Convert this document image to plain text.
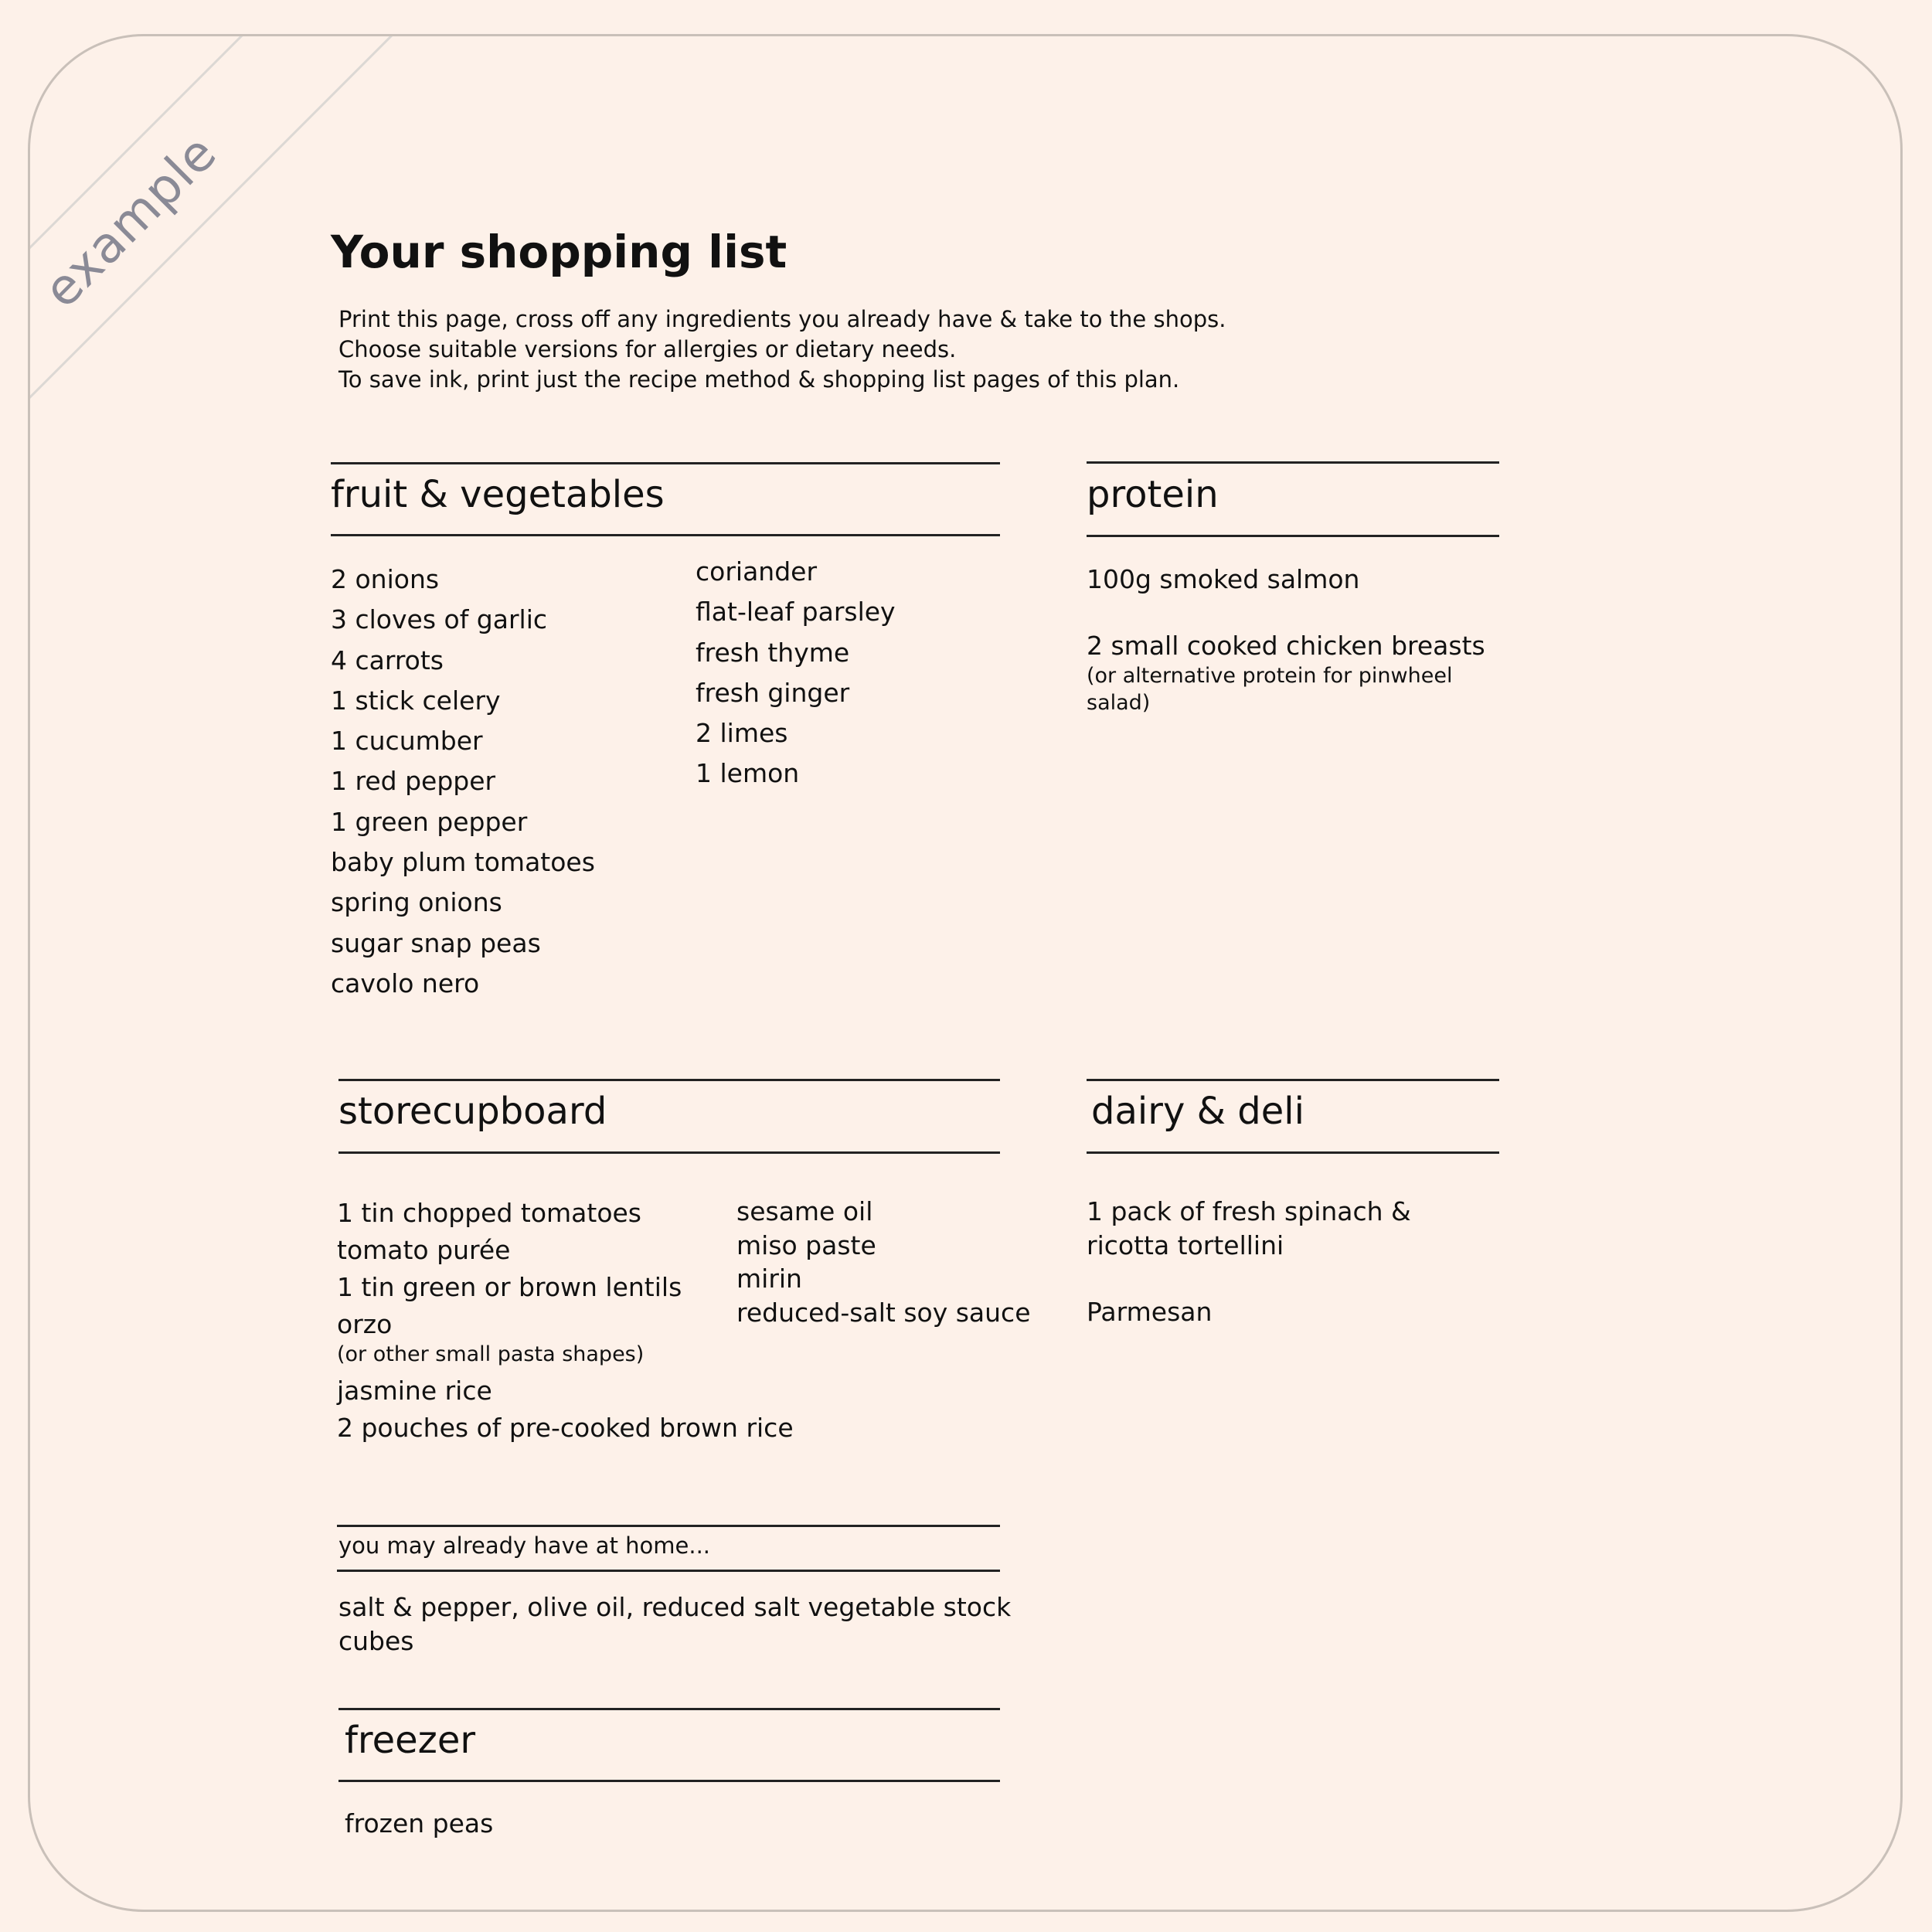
example Your shopping list
Print this page, cross off any ingredients you already have & take to the shops.
Choose suitable versions for allergies or dietary needs.
To save ink, print just the recipe method & shopping list pages of this plan.
fruit & vegetables
2 onions
3 cloves of garlic
4 carrots
1 stick celery
1 cucumber
1 red pepper
1 green pepper
baby plum tomatoes
spring onions
sugar snap peas
cavolo nero
coriander
flat-leaf parsley
fresh thyme
fresh ginger
2 limes
1 lemon
protein
100g smoked salmon
2 small cooked chicken breasts
(or alternative protein for pinwheel
salad)
storecupboard
1 tin chopped tomatoes
tomato purée
1 tin green or brown lentils
orzo
(or other small pasta shapes)
jasmine rice
2 pouches of pre-cooked brown rice
sesame oil
miso paste
mirin
reduced-salt soy sauce
dairy & deli
1 pack of fresh spinach &
ricotta tortellini
Parmesan
you may already have at home...
salt & pepper, olive oil, reduced salt vegetable stock
cubes
freezer
frozen peas
